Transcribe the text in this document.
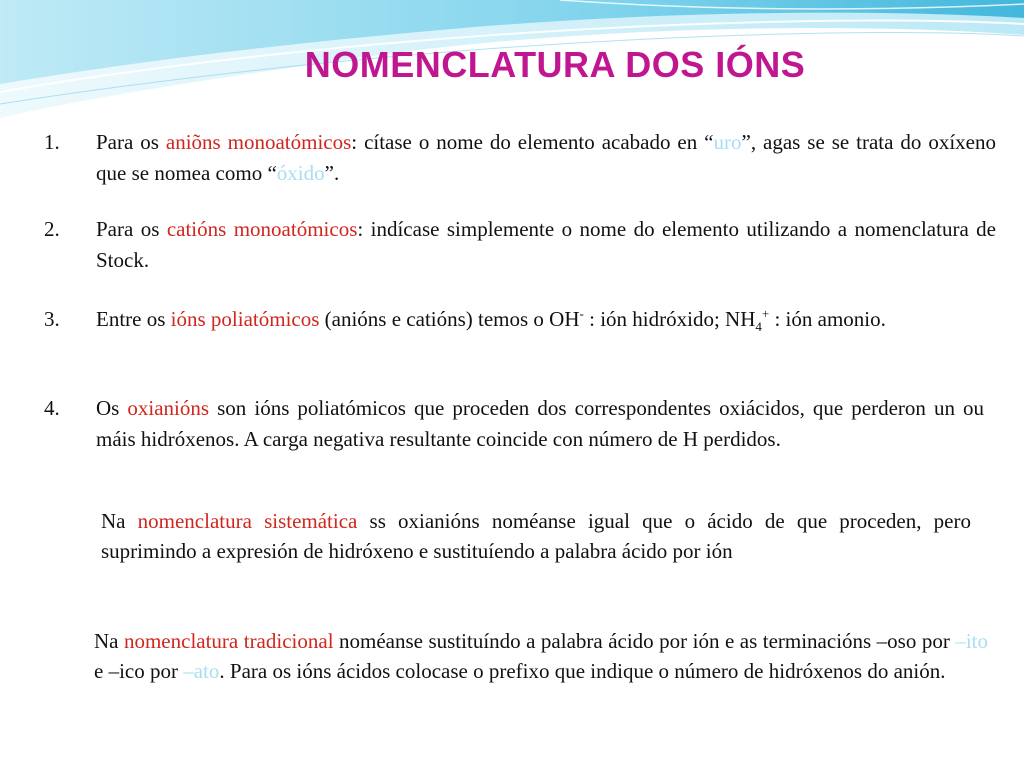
NOMENCLATURA DOS IÓNS
1.	Para os aniõns monoatómicos: cítase o nome do elemento acabado en “uro”, agas se se trata do oxíxeno que se nomea como “óxido”.
2.	Para os catións monoatómicos: indícase simplemente o nome do elemento utilizando a nomenclatura de Stock.
3.	Entre os ións poliatómicos (anións e catións) temos o OH- : ión hidróxido; $NH_4^+$ : ión amonio.
4.	Os oxianións son ións poliatómicos que proceden dos correspondentes oxiácidos, que perderon un ou máis hidróxenos. A carga negativa resultante coincide con número de H perdidos.
Na nomenclatura sistemática ss oxianións noméanse igual que o ácido de que proceden, pero suprimindo a expresión de hidróxeno e sustituíendo a palabra ácido por ión
Na nomenclatura tradicional noméanse sustituíndo a palabra ácido por ión e as terminacións –oso por –ito e –ico por –ato. Para os ións ácidos colocase o prefixo que indique o número de hidróxenos do anión.
